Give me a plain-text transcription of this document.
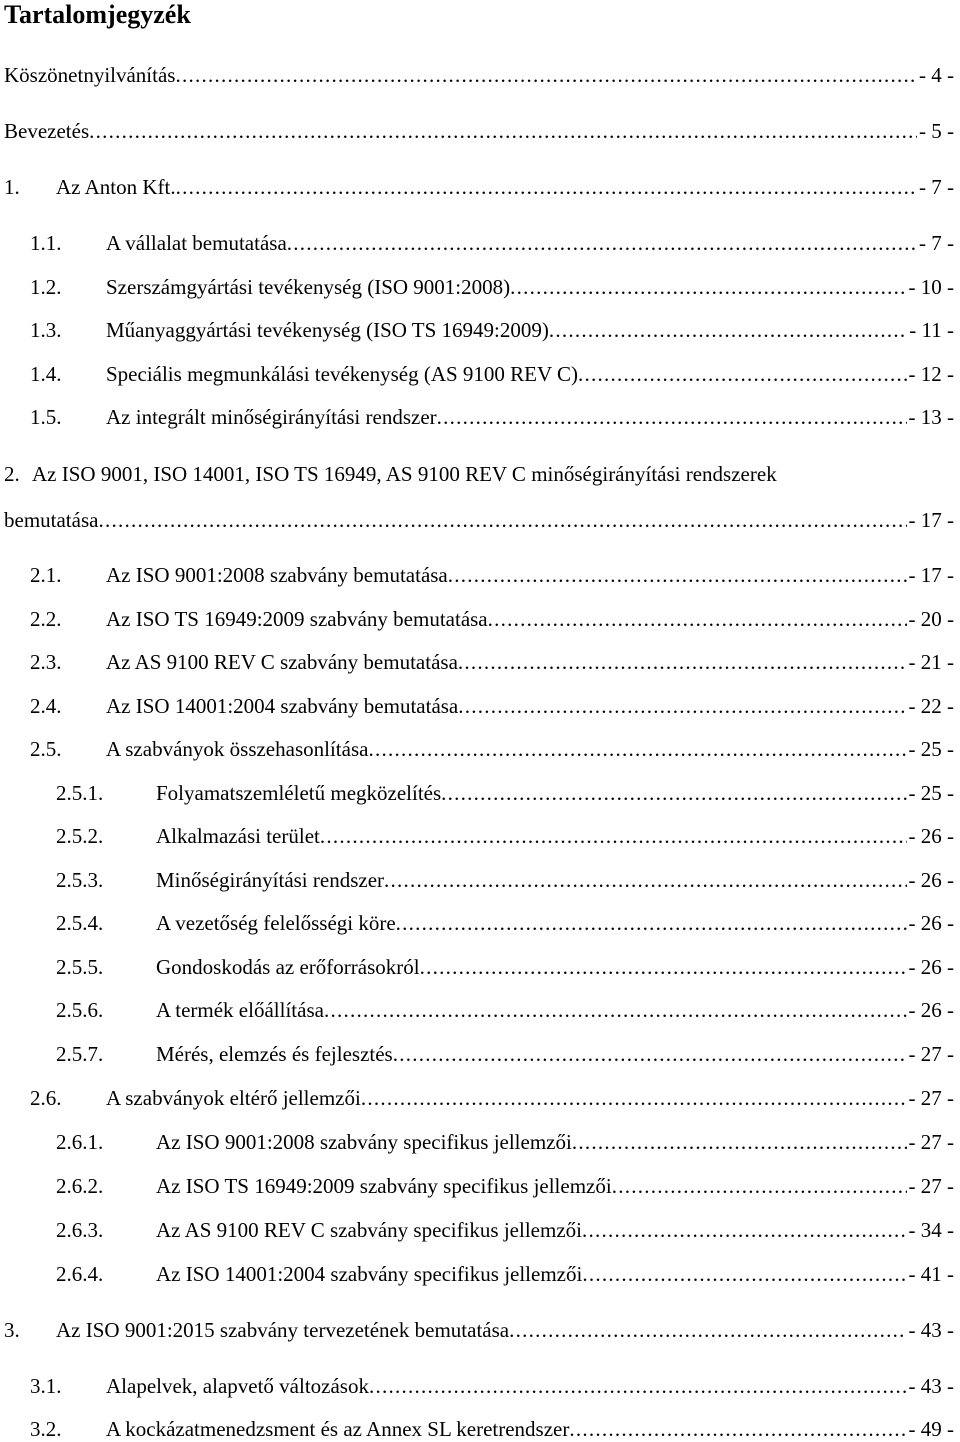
Tartalomjegyzék
Köszönetnyilvánítás . . .	- 4 -
Bevezetés . . .	- 5 -
1.	Az Anton Kft. . . .	- 7 -
1.1.	A vállalat bemutatása . . .	- 7 -
1.2.	Szerszámgyártási tevékenység (ISO 9001:2008) . . .	- 10 -
1.3.	Műanyaggyártási tevékenység (ISO TS 16949:2009) . . .	- 11 -
1.4.	Speciális megmunkálási tevékenység (AS 9100 REV C) . . .	- 12 -
1.5.	Az integrált minőségirányítási rendszer . . .	- 13 -
2. Az ISO 9001, ISO 14001, ISO TS 16949, AS 9100 REV C minőségirányítási rendszerek
bemutatása . . .	- 17 -
2.1.	Az ISO 9001:2008 szabvány bemutatása . . .	- 17 -
2.2.	Az ISO TS 16949:2009 szabvány bemutatása . . .	- 20 -
2.3.	Az AS 9100 REV C szabvány bemutatása . . .	- 21 -
2.4.	Az ISO 14001:2004 szabvány bemutatása . . .	- 22 -
2.5.	A szabványok összehasonlítása . . .	- 25 -
2.5.1.	Folyamatszemléletű megközelítés . . .	- 25 -
2.5.2.	Alkalmazási terület . . .	- 26 -
2.5.3.	Minőségirányítási rendszer . . .	- 26 -
2.5.4.	A vezetőség felelősségi köre . . .	- 26 -
2.5.5.	Gondoskodás az erőforrásokról . . .	- 26 -
2.5.6.	A termék előállítása . . .	- 26 -
2.5.7.	Mérés, elemzés és fejlesztés . . .	- 27 -
2.6.	A szabványok eltérő jellemzői . . .	- 27 -
2.6.1.	Az ISO 9001:2008 szabvány specifikus jellemzői . . .	- 27 -
2.6.2.	Az ISO TS 16949:2009 szabvány specifikus jellemzői . . .	- 27 -
2.6.3.	Az AS 9100 REV C szabvány specifikus jellemzői . . .	- 34 -
2.6.4.	Az ISO 14001:2004 szabvány specifikus jellemzői . . .	- 41 -
3.	Az ISO 9001:2015 szabvány tervezetének bemutatása . . .	- 43 -
3.1.	Alapelvek, alapvető változások . . .	- 43 -
3.2.	A kockázatmenedzsment és az Annex SL keretrendszer . . .	- 49 -
